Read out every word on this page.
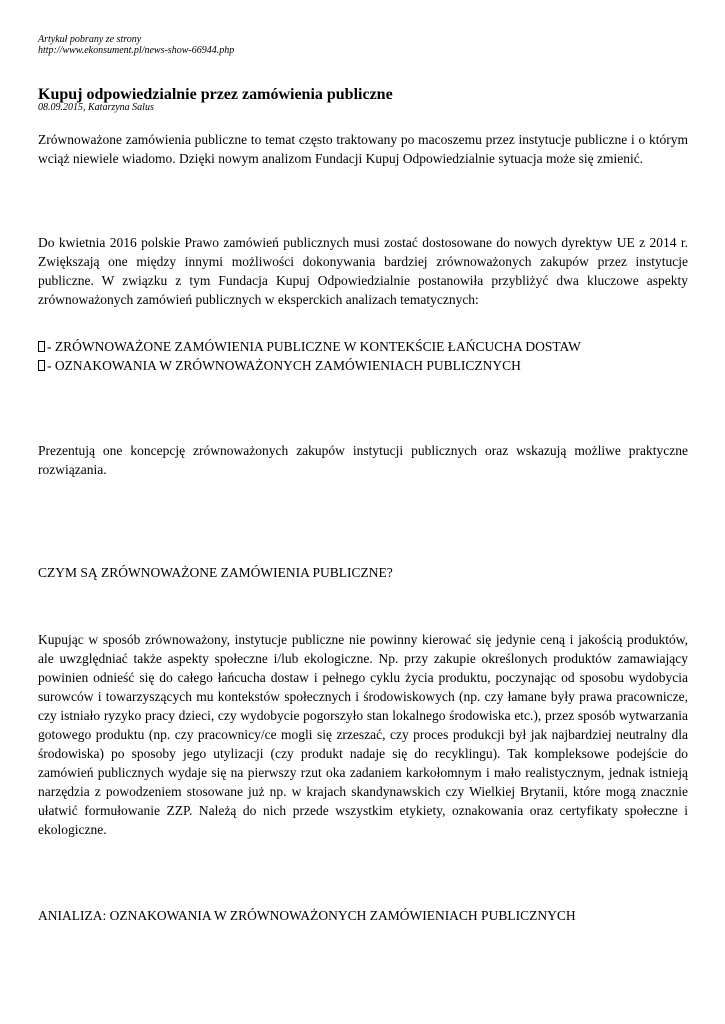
Artykuł pobrany ze strony
http://www.ekonsument.pl/news-show-66944.php
Kupuj odpowiedzialnie przez zamówienia publiczne
08.09.2015, Katarzyna Salus

Zrównoważone zamówienia publiczne to temat często traktowany po macoszemu przez instytucje publiczne i o którym wciąż niewiele wiadomo. Dzięki nowym analizom Fundacji Kupuj Odpowiedzialnie sytuacja może się zmienić.

Do kwietnia 2016 polskie Prawo zamówień publicznych musi zostać dostosowane do nowych dyrektyw UE z 2014 r. Zwiększają one między innymi możliwości dokonywania bardziej zrównoważonych zakupów przez instytucje publiczne. W związku z tym Fundacja Kupuj Odpowiedzialnie postanowiła przybliżyć dwa kluczowe aspekty zrównoważonych zamówień publicznych w eksperckich analizach tematycznych:

- ZRÓWNOWAŻONE ZAMÓWIENIA PUBLICZNE W KONTEKŚCIE ŁAŃCUCHA DOSTAW
- OZNAKOWANIA W ZRÓWNOWAŻONYCH ZAMÓWIENIACH PUBLICZNYCH

Prezentują one koncepcję zrównoważonych zakupów instytucji publicznych oraz wskazują możliwe praktyczne rozwiązania.

CZYM SĄ ZRÓWNOWAŻONE ZAMÓWIENIA PUBLICZNE?

Kupując w sposób zrównoważony, instytucje publiczne nie powinny kierować się jedynie ceną i jakością produktów, ale uwzględniać także aspekty społeczne i/lub ekologiczne. Np. przy zakupie określonych produktów zamawiający powinien odnieść się do całego łańcucha dostaw i pełnego cyklu życia produktu, poczynając od sposobu wydobycia surowców i towarzyszących mu kontekstów społecznych i środowiskowych (np. czy łamane były prawa pracownicze, czy istniało ryzyko pracy dzieci, czy wydobycie pogorszyło stan lokalnego środowiska etc.), przez sposób wytwarzania gotowego produktu (np. czy pracownicy/ce mogli się zrzeszać, czy proces produkcji był jak najbardziej neutralny dla środowiska) po sposoby jego utylizacji (czy produkt nadaje się do recyklingu). Tak kompleksowe podejście do zamówień publicznych wydaje się na pierwszy rzut oka zadaniem karkołomnym i mało realistycznym, jednak istnieją narzędzia z powodzeniem stosowane już np. w krajach skandynawskich czy Wielkiej Brytanii, które mogą znacznie ułatwić formułowanie ZZP. Należą do nich przede wszystkim etykiety, oznakowania oraz certyfikaty społeczne i ekologiczne.

ANIALIZA: OZNAKOWANIA W ZRÓWNOWAŻONYCH ZAMÓWIENIACH PUBLICZNYCH
